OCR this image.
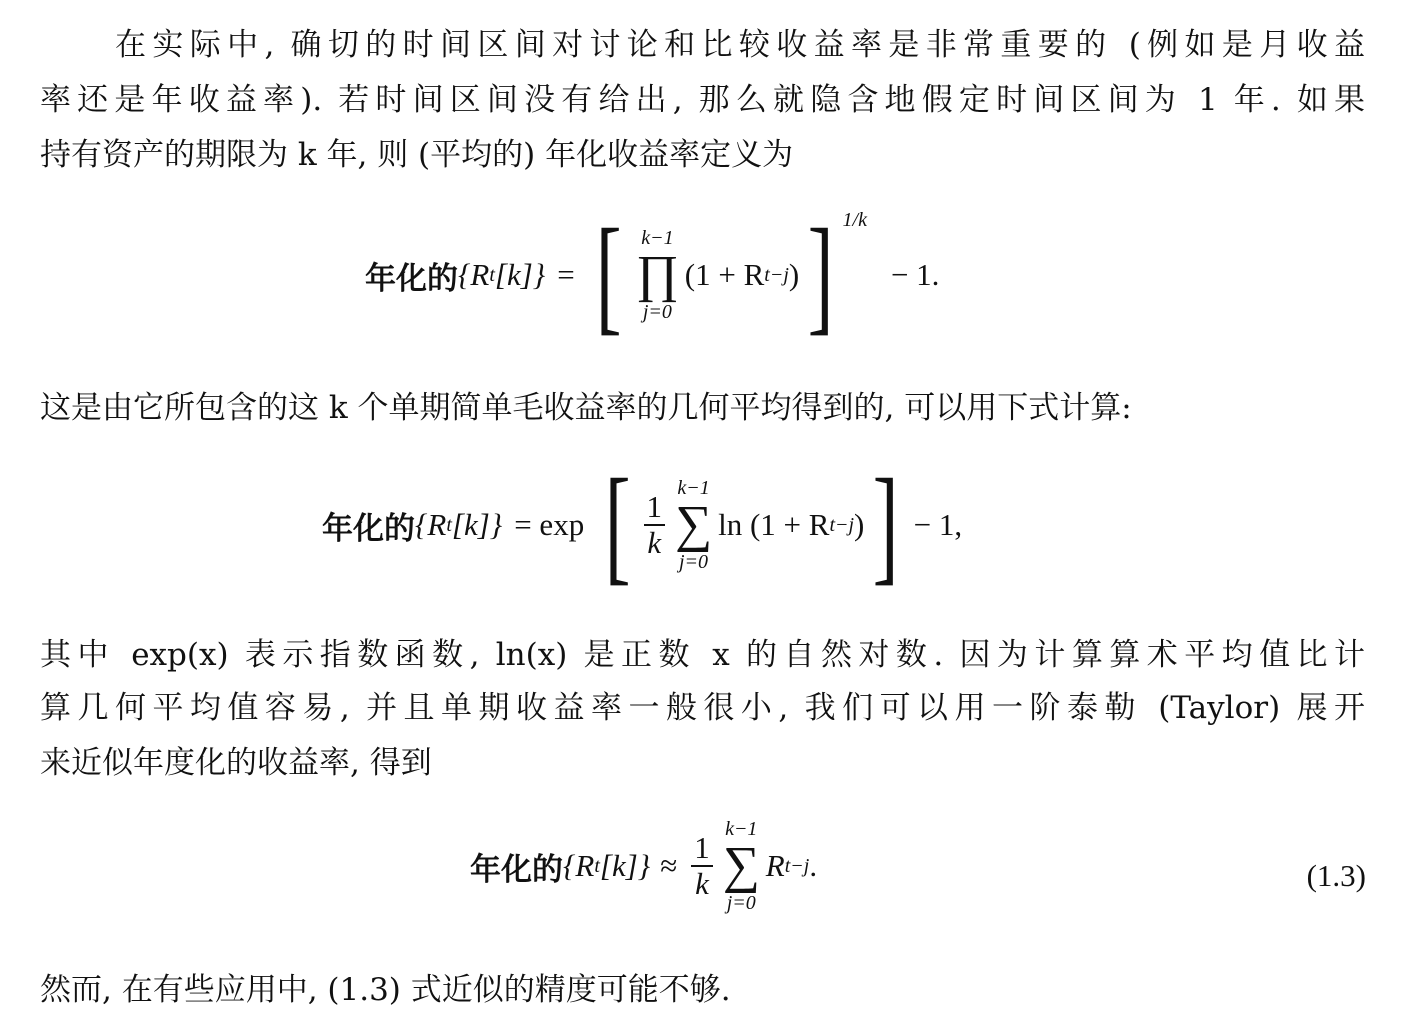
在实际中, 确切的时间区间对讨论和比较收益率是非常重要的 (例如是月收益
率还是年收益率). 若时间区间没有给出, 那么就隐含地假定时间区间为 1 年. 如果
持有资产的期限为 k 年, 则 (平均的) 年化收益率定义为
年化的 {R t [k]} = [ k−1
∏
j=0
(1 + R t−j ) ] 1/k
− 1.
这是由它所包含的这 k 个单期简单毛收益率的几何平均得到的, 可以用下式计算:
年化的 {R t [k]} = exp [ $\frac{1}{k}$
k−1
∑
j=0
ln (1 + R t−j ) ] − 1,
其中 exp(x) 表示指数函数, ln(x) 是正数 x 的自然对数. 因为计算算术平均值比计
算几何平均值容易, 并且单期收益率一般很小, 我们可以用一阶泰勒 (Taylor) 展开
来近似年度化的收益率, 得到
年化的 {R t $[k]\} \approx \frac{1}{k}$
k−1
∑
j=0
R t−j .	(1.3)
然而, 在有些应用中, (1.3) 式近似的精度可能不够.
